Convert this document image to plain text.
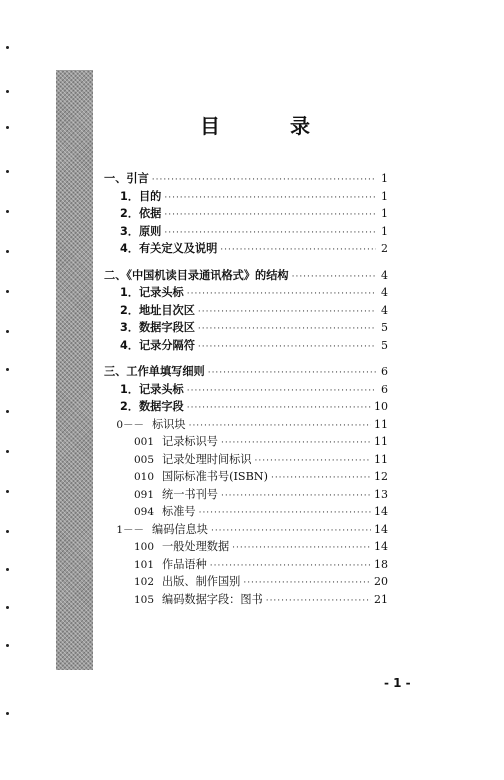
目	录
一、引言 ·····	1
1．目的 ·····	1
2．依据 ·····	1
3．原则 ·····	1
4．有关定义及说明 ·····	2
二、《中国机读目录通讯格式》的结构 ·····	4
1．记录头标 ·····	4
2．地址目次区 ·····	4
3．数据字段区 ·····	5
4．记录分隔符 ·····	5
三、工作单填写细则 ·····	6
1．记录头标 ·····	6
2．数据字段 ·····	10
0－－ 标识块 ·····	11
001 记录标识号 ·····	11
005 记录处理时间标识 ·····	11
010 国际标准书号(ISBN) ·····	12
091 统一书刊号 ·····	13
094 标准号 ·····	14
1－－ 编码信息块 ·····	14
100 一般处理数据 ·····	14
101 作品语种 ·····	18
102 出版、制作国别 ·····	20
105 编码数据字段：图书 ·····	21
- 1 -
